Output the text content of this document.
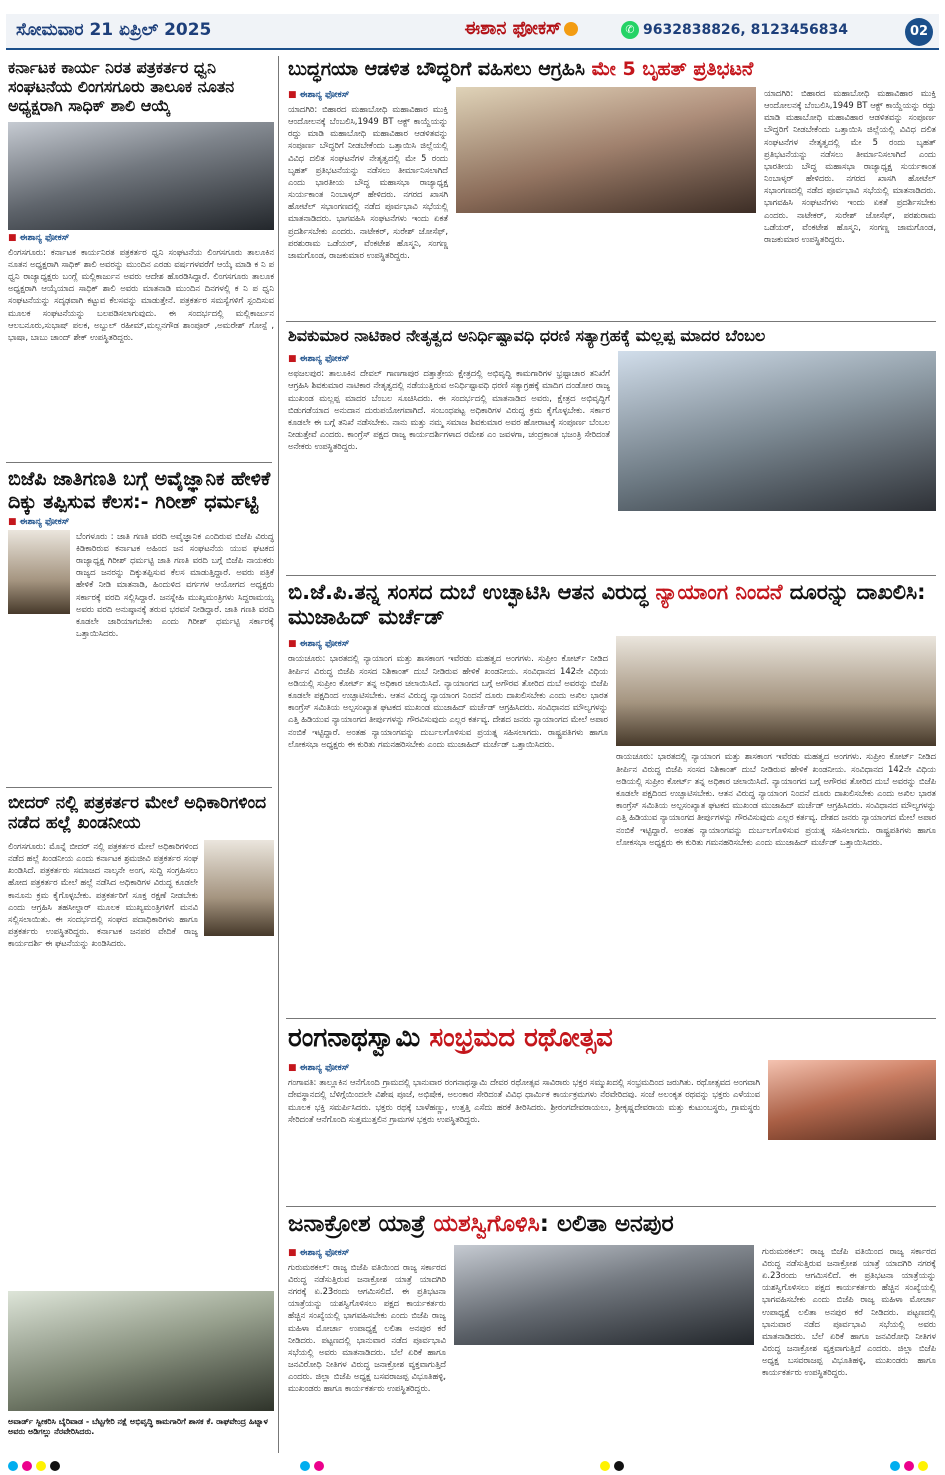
ಸೋಮವಾರ 21 ಏಪ್ರಿಲ್ 2025	ಈಶಾನ ಫೋಕಸ್	✆ 9632838826, 8123456834	02
ಕರ್ನಾಟಕ ಕಾರ್ಯ ನಿರತ ಪತ್ರಕರ್ತರ ಧ್ವನಿ ಸಂಘಟನೆಯ ಲಿಂಗಸಗೂರು ತಾಲೂಕ ನೂತನ ಅಧ್ಯಕ್ಷರಾಗಿ ಸಾಧಿಕ್ ಶಾಲಿ ಆಯ್ಕೆ
■ ಈಶಾನ್ಯ ಫೋಕಸ್
ಲಿಂಗಸಗೂರು: ಕರ್ನಾಟಕ ಕಾರ್ಯನಿರತ ಪತ್ರಕರ್ತರ ಧ್ವನಿ ಸಂಘಟನೆಯ ಲಿಂಗಸಗೂರು ತಾಲೂಕಿನ ನೂತನ ಅಧ್ಯಕ್ಷರಾಗಿ ಸಾಧಿಕ್ ಶಾಲಿ ಅವರನ್ನು ಮುಂದಿನ ಎರಡು ವರ್ಷಗಳವರೆಗೆ ಆಯ್ಕೆ ಮಾಡಿ ಕ ನಿ ಪ ಧ್ವನಿ ರಾಜ್ಯಾಧ್ಯಕ್ಷರು ಬಂಗ್ಲೆ ಮಲ್ಲಿಕಾರ್ಜುನ ಅವರು ಆದೇಶ ಹೊರಡಿಸಿದ್ದಾರೆ. ಲಿಂಗಸಗೂರು ತಾಲೂಕ ಅಧ್ಯಕ್ಷರಾಗಿ ಆಯ್ಕೆಯಾದ ಸಾಧಿಕ್ ಶಾಲಿ ಅವರು ಮಾತನಾಡಿ ಮುಂದಿನ ದಿನಗಳಲ್ಲಿ ಕ ನಿ ಪ ಧ್ವನಿ ಸಂಘಟನೆಯನ್ನು ಸದೃಢವಾಗಿ ಕಟ್ಟುವ ಕೆಲಸವನ್ನು ಮಾಡುತ್ತೇನೆ. ಪತ್ರಕರ್ತರ ಸಮಸ್ಯೆಗಳಿಗೆ ಸ್ಪಂದಿಸುವ ಮೂಲಕ ಸಂಘಟನೆಯನ್ನು ಬಲಪಡಿಸಲಾಗುವುದು. ಈ ಸಂದರ್ಭದಲ್ಲಿ ಮಲ್ಲಿಕಾರ್ಜುನ ಆಲಬನೂರು,ಸುಭಾಷ್ ಪಲಕ, ಅಬ್ದುಲ್ ರಹೀಮ್,ಮಲ್ಲನಗೌಡ ಶಾಂಪೂರ್ ,ಅಮರೇಶ್ ಗೋಸ್ಪೆ , ಭಾಷಾ, ಬಾಬು ಚಾಂದ್ ಶೇಕ್ ಉಪಸ್ಥಿತರಿದ್ದರು.
ಬಿಜೆಪಿ ಜಾತಿಗಣತಿ ಬಗ್ಗೆ ಅವೈಜ್ಞಾನಿಕ ಹೇಳಿಕೆ ದಿಕ್ಕು ತಪ್ಪಿಸುವ ಕೆಲಸ:- ಗಿರೀಶ್ ಧರ್ಮಟ್ಟಿ
■ ಈಶಾನ್ಯ ಫೋಕಸ್
ಬೆಂಗಳೂರು : ಜಾತಿ ಗಣತಿ ವರದಿ ಅವೈಜ್ಞಾನಿಕ ಎಂದಿರುವ ಬಿಜೆಪಿ ವಿರುದ್ಧ ಕಿಡಿಕಾರಿರುವ ಕರ್ನಾಟಕ ಅಹಿಂದ ಜನ ಸಂಘಟನೆಯ ಯುವ ಘಟಕದ ರಾಜ್ಯಾಧ್ಯಕ್ಷ ಗಿರೀಶ್ ಧರ್ಮಟ್ಟಿ ಜಾತಿ ಗಣತಿ ವರದಿ ಬಗ್ಗೆ ಬಿಜೆಪಿ ನಾಯಕರು ರಾಜ್ಯದ ಜನರನ್ನು ದಿಕ್ಕುತಪ್ಪಿಸುವ ಕೆಲಸ ಮಾಡುತ್ತಿದ್ದಾರೆ. ಅವರು ಪತ್ರಿಕೆ ಹೇಳಿಕೆ ನೀಡಿ ಮಾತನಾಡಿ, ಹಿಂದುಳಿದ ವರ್ಗಗಳ ಆಯೋಗದ ಅಧ್ಯಕ್ಷರು ಸರ್ಕಾರಕ್ಕೆ ವರದಿ ಸಲ್ಲಿಸಿದ್ದಾರೆ. ಜನಸ್ನೇಹಿ ಮುಖ್ಯಮಂತ್ರಿಗಳು ಸಿದ್ದರಾಮಯ್ಯ ಅವರು ವರದಿ ಅನುಷ್ಠಾನಕ್ಕೆ ತರುವ ಭರವಸೆ ನೀಡಿದ್ದಾರೆ. ಜಾತಿ ಗಣತಿ ವರದಿ ಕೂಡಲೇ ಜಾರಿಯಾಗಬೇಕು ಎಂದು ಗಿರೀಶ್ ಧರ್ಮಟ್ಟಿ ಸರ್ಕಾರಕ್ಕೆ ಒತ್ತಾಯಿಸಿದರು.
ಬೀದರ್ ನಲ್ಲಿ ಪತ್ರಕರ್ತರ ಮೇಲೆ ಅಧಿಕಾರಿಗಳಿಂದ ನಡೆದ ಹಲ್ಲೆ ಖಂಡನೀಯ
ಲಿಂಗಸಗೂರು: ಮೊನ್ನೆ ಬೀದರ್ ನಲ್ಲಿ ಪತ್ರಕರ್ತರ ಮೇಲೆ ಅಧಿಕಾರಿಗಳಿಂದ ನಡೆದ ಹಲ್ಲೆ ಖಂಡನೀಯ ಎಂದು ಕರ್ನಾಟಕ ಶ್ರಮಜೀವಿ ಪತ್ರಕರ್ತರ ಸಂಘ ಖಂಡಿಸಿದೆ. ಪತ್ರಕರ್ತರು ಸಮಾಜದ ನಾಲ್ಕನೇ ಅಂಗ, ಸುದ್ದಿ ಸಂಗ್ರಹಿಸಲು ಹೋದ ಪತ್ರಕರ್ತರ ಮೇಲೆ ಹಲ್ಲೆ ನಡೆಸಿದ ಅಧಿಕಾರಿಗಳ ವಿರುದ್ಧ ಕೂಡಲೇ ಕಾನೂನು ಕ್ರಮ ಕೈಗೊಳ್ಳಬೇಕು. ಪತ್ರಕರ್ತರಿಗೆ ಸೂಕ್ತ ರಕ್ಷಣೆ ನೀಡಬೇಕು ಎಂದು ಆಗ್ರಹಿಸಿ ತಹಸೀಲ್ದಾರ್ ಮೂಲಕ ಮುಖ್ಯಮಂತ್ರಿಗಳಿಗೆ ಮನವಿ ಸಲ್ಲಿಸಲಾಯಿತು. ಈ ಸಂದರ್ಭದಲ್ಲಿ ಸಂಘದ ಪದಾಧಿಕಾರಿಗಳು ಹಾಗೂ ಪತ್ರಕರ್ತರು ಉಪಸ್ಥಿತರಿದ್ದರು. ಕರ್ನಾಟಕ ಜನಪರ ವೇದಿಕೆ ರಾಜ್ಯ ಕಾರ್ಯದರ್ಶಿ ಈ ಘಟನೆಯನ್ನು ಖಂಡಿಸಿದರು.
ಅವಾರ್ಡ್ ಸ್ವೀಕರಿಸಿ ಬೈರಿವಾಡ - ಬೆಟ್ಟಗೇರಿ ನಕ್ಷೆ ಅಭಿವೃದ್ಧಿ ಕಾಮಗಾರಿಗೆ ಶಾಸಕ ಕೆ. ರಾಘವೇಂದ್ರ ಹಿಟ್ನಾಳ ಅವರು ಅಡಿಗಲ್ಲು ನೆರವೇರಿಸಿದರು.
ಬುದ್ಧಗಯಾ ಆಡಳಿತ ಬೌದ್ಧರಿಗೆ ವಹಿಸಲು ಆಗ್ರಹಿಸಿ ಮೇ 5 ಬೃಹತ್ ಪ್ರತಿಭಟನೆ
■ ಈಶಾನ್ಯ ಫೋಕಸ್
ಯಾದಗಿರಿ: ಬಿಹಾರದ ಮಹಾಬೋಧಿ ಮಹಾವಿಹಾರ ಮುಕ್ತಿ ಆಂದೋಲನಕ್ಕೆ ಬೆಂಬಲಿಸಿ,1949 BT ಆಕ್ಟ್ ಕಾಯ್ದೆಯನ್ನು ರದ್ದು ಮಾಡಿ ಮಹಾಬೋಧಿ ಮಹಾವಿಹಾರ ಆಡಳಿತವನ್ನು ಸಂಪೂರ್ಣ ಬೌದ್ಧರಿಗೆ ನೀಡಬೇಕೆಂದು ಒತ್ತಾಯಿಸಿ ಜಿಲ್ಲೆಯಲ್ಲಿ ವಿವಿಧ ದಲಿತ ಸಂಘಟನೆಗಳ ನೇತೃತ್ವದಲ್ಲಿ ಮೇ 5 ರಂದು ಬೃಹತ್ ಪ್ರತಿಭಟನೆಯನ್ನು ನಡೆಸಲು ತೀರ್ಮಾನಿಸಲಾಗಿದೆ ಎಂದು ಭಾರತೀಯ ಬೌದ್ಧ ಮಹಾಸಭಾ ರಾಜ್ಯಾಧ್ಯಕ್ಷ ಸುರ್ಯಕಾಂತ ನಿಂಬಾಳ್ಕರ್ ಹೇಳಿದರು. ನಗರದ ಖಾಸಗಿ ಹೋಟೆಲ್ ಸಭಾಂಗಣದಲ್ಲಿ ನಡೆದ ಪೂರ್ವಭಾವಿ ಸಭೆಯಲ್ಲಿ ಮಾತನಾಡಿದರು. ಭಾಗವಹಿಸಿ ಸಂಘಟನೆಗಳು ಇಂದು ಏಕತೆ ಪ್ರದರ್ಶಿಸಬೇಕು ಎಂದರು. ನಾಟೇಕರ್, ಸುರೇಶ್ ಜೋಸೆಫ್, ಪರಶುರಾಮ ಒಡೆಯರ್, ವೆಂಕಟೇಶ ಹೊಸ್ಮನಿ, ಸಂಗಣ್ಣ ಜಾಮಗೊಂಡ, ರಾಜಕುಮಾರ ಉಪಸ್ಥಿತರಿದ್ದರು.
ಯಾದಗಿರಿ: ಬಿಹಾರದ ಮಹಾಬೋಧಿ ಮಹಾವಿಹಾರ ಮುಕ್ತಿ ಆಂದೋಲನಕ್ಕೆ ಬೆಂಬಲಿಸಿ,1949 BT ಆಕ್ಟ್ ಕಾಯ್ದೆಯನ್ನು ರದ್ದು ಮಾಡಿ ಮಹಾಬೋಧಿ ಮಹಾವಿಹಾರ ಆಡಳಿತವನ್ನು ಸಂಪೂರ್ಣ ಬೌದ್ಧರಿಗೆ ನೀಡಬೇಕೆಂದು ಒತ್ತಾಯಿಸಿ ಜಿಲ್ಲೆಯಲ್ಲಿ ವಿವಿಧ ದಲಿತ ಸಂಘಟನೆಗಳ ನೇತೃತ್ವದಲ್ಲಿ ಮೇ 5 ರಂದು ಬೃಹತ್ ಪ್ರತಿಭಟನೆಯನ್ನು ನಡೆಸಲು ತೀರ್ಮಾನಿಸಲಾಗಿದೆ ಎಂದು ಭಾರತೀಯ ಬೌದ್ಧ ಮಹಾಸಭಾ ರಾಜ್ಯಾಧ್ಯಕ್ಷ ಸುರ್ಯಕಾಂತ ನಿಂಬಾಳ್ಕರ್ ಹೇಳಿದರು. ನಗರದ ಖಾಸಗಿ ಹೋಟೆಲ್ ಸಭಾಂಗಣದಲ್ಲಿ ನಡೆದ ಪೂರ್ವಭಾವಿ ಸಭೆಯಲ್ಲಿ ಮಾತನಾಡಿದರು. ಭಾಗವಹಿಸಿ ಸಂಘಟನೆಗಳು ಇಂದು ಏಕತೆ ಪ್ರದರ್ಶಿಸಬೇಕು ಎಂದರು. ನಾಟೇಕರ್, ಸುರೇಶ್ ಜೋಸೆಫ್, ಪರಶುರಾಮ ಒಡೆಯರ್, ವೆಂಕಟೇಶ ಹೊಸ್ಮನಿ, ಸಂಗಣ್ಣ ಜಾಮಗೊಂಡ, ರಾಜಕುಮಾರ ಉಪಸ್ಥಿತರಿದ್ದರು.
ಶಿವಕುಮಾರ ನಾಟಿಕಾರ ನೇತೃತ್ವದ ಅನಿರ್ಧಿಷ್ಟಾವಧಿ ಧರಣಿ ಸತ್ಯಾಗ್ರಹಕ್ಕೆ ಮಲ್ಲಪ್ಪ ಮಾದರ ಬೆಂಬಲ
■ ಈಶಾನ್ಯ ಫೋಕಸ್
ಅಫಜಲಪುರ: ತಾಲೂಕಿನ ದೇವಲ್ ಗಾಣಗಾಪುರ ದತ್ತಾತ್ರೇಯ ಕ್ಷೇತ್ರದಲ್ಲಿ ಅಭಿವೃದ್ಧಿ ಕಾಮಗಾರಿಗಳ ಭ್ರಷ್ಟಾಚಾರ ತನಿಖೆಗೆ ಆಗ್ರಹಿಸಿ ಶಿವಕುಮಾರ ನಾಟಿಕಾರ ನೇತೃತ್ವದಲ್ಲಿ ನಡೆಯುತ್ತಿರುವ ಅನಿರ್ಧಿಷ್ಟಾವಧಿ ಧರಣಿ ಸತ್ಯಾಗ್ರಹಕ್ಕೆ ಮಾದಿಗ ದಂಡೋರ ರಾಜ್ಯ ಮುಖಂಡ ಮಲ್ಲಪ್ಪ ಮಾದರ ಬೆಂಬಲ ಸೂಚಿಸಿದರು. ಈ ಸಂದರ್ಭದಲ್ಲಿ ಮಾತನಾಡಿದ ಅವರು, ಕ್ಷೇತ್ರದ ಅಭಿವೃದ್ಧಿಗೆ ಬಿಡುಗಡೆಯಾದ ಅನುದಾನ ದುರುಪಯೋಗವಾಗಿದೆ. ಸಂಬಂಧಪಟ್ಟ ಅಧಿಕಾರಿಗಳ ವಿರುದ್ಧ ಕ್ರಮ ಕೈಗೊಳ್ಳಬೇಕು. ಸರ್ಕಾರ ಕೂಡಲೇ ಈ ಬಗ್ಗೆ ತನಿಖೆ ನಡೆಸಬೇಕು. ನಾನು ಮತ್ತು ನಮ್ಮ ಸಮಾಜ ಶಿವಕುಮಾರ ಅವರ ಹೋರಾಟಕ್ಕೆ ಸಂಪೂರ್ಣ ಬೆಂಬಲ ನೀಡುತ್ತೇವೆ ಎಂದರು. ಕಾಂಗ್ರೆಸ್ ಪಕ್ಷದ ರಾಜ್ಯ ಕಾರ್ಯದರ್ಶಿಗಳಾದ ರಮೇಶ ಎಂ ಜವಳಗಾ, ಚಂದ್ರಕಾಂತ ಭಜಂತ್ರಿ ಸೇರಿದಂತೆ ಅನೇಕರು ಉಪಸ್ಥಿತರಿದ್ದರು.
ಬಿ.ಜೆ.ಪಿ.ತನ್ನ ಸಂಸದ ದುಬೆ ಉಚ್ಛಾಟಿಸಿ ಆತನ ವಿರುದ್ಧ ನ್ಯಾಯಾಂಗ ನಿಂದನೆ ದೂರನ್ನು ದಾಖಲಿಸಿ: ಮುಜಾಹಿದ್ ಮರ್ಚೆಡ್
■ ಈಶಾನ್ಯ ಫೋಕಸ್
ರಾಯಚೂರು: ಭಾರತದಲ್ಲಿ ನ್ಯಾಯಾಂಗ ಮತ್ತು ಶಾಸಕಾಂಗ ಇವೆರಡು ಮಹತ್ವದ ಅಂಗಗಳು. ಸುಪ್ರೀಂ ಕೋರ್ಟ್ ನೀಡಿದ ತೀರ್ಪಿನ ವಿರುದ್ಧ ಬಿಜೆಪಿ ಸಂಸದ ನಿಶಿಕಾಂತ್ ದುಬೆ ನೀಡಿರುವ ಹೇಳಿಕೆ ಖಂಡನೀಯ. ಸಂವಿಧಾನದ 142ನೇ ವಿಧಿಯ ಅಡಿಯಲ್ಲಿ ಸುಪ್ರೀಂ ಕೋರ್ಟ್ ತನ್ನ ಅಧಿಕಾರ ಚಲಾಯಿಸಿದೆ. ನ್ಯಾಯಾಂಗದ ಬಗ್ಗೆ ಅಗೌರವ ತೋರಿದ ದುಬೆ ಅವರನ್ನು ಬಿಜೆಪಿ ಕೂಡಲೇ ಪಕ್ಷದಿಂದ ಉಚ್ಛಾಟಿಸಬೇಕು. ಆತನ ವಿರುದ್ಧ ನ್ಯಾಯಾಂಗ ನಿಂದನೆ ದೂರು ದಾಖಲಿಸಬೇಕು ಎಂದು ಅಖಿಲ ಭಾರತ ಕಾಂಗ್ರೆಸ್ ಸಮಿತಿಯ ಅಲ್ಪಸಂಖ್ಯಾತ ಘಟಕದ ಮುಖಂಡ ಮುಜಾಹಿದ್ ಮರ್ಚೆಡ್ ಆಗ್ರಹಿಸಿದರು. ಸಂವಿಧಾನದ ಮೌಲ್ಯಗಳನ್ನು ಎತ್ತಿ ಹಿಡಿಯುವ ನ್ಯಾಯಾಂಗದ ತೀರ್ಪುಗಳನ್ನು ಗೌರವಿಸುವುದು ಎಲ್ಲರ ಕರ್ತವ್ಯ. ದೇಶದ ಜನರು ನ್ಯಾಯಾಂಗದ ಮೇಲೆ ಅಪಾರ ನಂಬಿಕೆ ಇಟ್ಟಿದ್ದಾರೆ. ಅಂತಹ ನ್ಯಾಯಾಂಗವನ್ನು ದುರ್ಬಲಗೊಳಿಸುವ ಪ್ರಯತ್ನ ಸಹಿಸಲಾಗದು. ರಾಷ್ಟ್ರಪತಿಗಳು ಹಾಗೂ ಲೋಕಸಭಾ ಅಧ್ಯಕ್ಷರು ಈ ಕುರಿತು ಗಮನಹರಿಸಬೇಕು ಎಂದು ಮುಜಾಹಿದ್ ಮರ್ಚೆಡ್ ಒತ್ತಾಯಿಸಿದರು.
ರಾಯಚೂರು: ಭಾರತದಲ್ಲಿ ನ್ಯಾಯಾಂಗ ಮತ್ತು ಶಾಸಕಾಂಗ ಇವೆರಡು ಮಹತ್ವದ ಅಂಗಗಳು. ಸುಪ್ರೀಂ ಕೋರ್ಟ್ ನೀಡಿದ ತೀರ್ಪಿನ ವಿರುದ್ಧ ಬಿಜೆಪಿ ಸಂಸದ ನಿಶಿಕಾಂತ್ ದುಬೆ ನೀಡಿರುವ ಹೇಳಿಕೆ ಖಂಡನೀಯ. ಸಂವಿಧಾನದ 142ನೇ ವಿಧಿಯ ಅಡಿಯಲ್ಲಿ ಸುಪ್ರೀಂ ಕೋರ್ಟ್ ತನ್ನ ಅಧಿಕಾರ ಚಲಾಯಿಸಿದೆ. ನ್ಯಾಯಾಂಗದ ಬಗ್ಗೆ ಅಗೌರವ ತೋರಿದ ದುಬೆ ಅವರನ್ನು ಬಿಜೆಪಿ ಕೂಡಲೇ ಪಕ್ಷದಿಂದ ಉಚ್ಛಾಟಿಸಬೇಕು. ಆತನ ವಿರುದ್ಧ ನ್ಯಾಯಾಂಗ ನಿಂದನೆ ದೂರು ದಾಖಲಿಸಬೇಕು ಎಂದು ಅಖಿಲ ಭಾರತ ಕಾಂಗ್ರೆಸ್ ಸಮಿತಿಯ ಅಲ್ಪಸಂಖ್ಯಾತ ಘಟಕದ ಮುಖಂಡ ಮುಜಾಹಿದ್ ಮರ್ಚೆಡ್ ಆಗ್ರಹಿಸಿದರು. ಸಂವಿಧಾನದ ಮೌಲ್ಯಗಳನ್ನು ಎತ್ತಿ ಹಿಡಿಯುವ ನ್ಯಾಯಾಂಗದ ತೀರ್ಪುಗಳನ್ನು ಗೌರವಿಸುವುದು ಎಲ್ಲರ ಕರ್ತವ್ಯ. ದೇಶದ ಜನರು ನ್ಯಾಯಾಂಗದ ಮೇಲೆ ಅಪಾರ ನಂಬಿಕೆ ಇಟ್ಟಿದ್ದಾರೆ. ಅಂತಹ ನ್ಯಾಯಾಂಗವನ್ನು ದುರ್ಬಲಗೊಳಿಸುವ ಪ್ರಯತ್ನ ಸಹಿಸಲಾಗದು. ರಾಷ್ಟ್ರಪತಿಗಳು ಹಾಗೂ ಲೋಕಸಭಾ ಅಧ್ಯಕ್ಷರು ಈ ಕುರಿತು ಗಮನಹರಿಸಬೇಕು ಎಂದು ಮುಜಾಹಿದ್ ಮರ್ಚೆಡ್ ಒತ್ತಾಯಿಸಿದರು.
ರಂಗನಾಥಸ್ವಾಮಿ ಸಂಭ್ರಮದ ರಥೋತ್ಸವ
■ ಈಶಾನ್ಯ ಫೋಕಸ್
ಗಂಗಾವತಿ: ತಾಲ್ಲೂಕಿನ ಆನೆಗೊಂದಿ ಗ್ರಾಮದಲ್ಲಿ ಭಾನುವಾರ ರಂಗನಾಥಸ್ವಾಮಿ ದೇವರ ರಥೋತ್ಸವ ಸಾವಿರಾರು ಭಕ್ತರ ಸಮ್ಮುಖದಲ್ಲಿ ಸಂಭ್ರಮದಿಂದ ಜರುಗಿತು. ರಥೋತ್ಸವದ ಅಂಗವಾಗಿ ದೇವಸ್ಥಾನದಲ್ಲಿ ಬೆಳಿಗ್ಗೆಯಿಂದಲೇ ವಿಶೇಷ ಪೂಜೆ, ಅಭಿಷೇಕ, ಅಲಂಕಾರ ಸೇರಿದಂತೆ ವಿವಿಧ ಧಾರ್ಮಿಕ ಕಾರ್ಯಕ್ರಮಗಳು ನೆರವೇರಿದವು. ಸಂಜೆ ಅಲಂಕೃತ ರಥವನ್ನು ಭಕ್ತರು ಎಳೆಯುವ ಮೂಲಕ ಭಕ್ತಿ ಸಮರ್ಪಿಸಿದರು. ಭಕ್ತರು ರಥಕ್ಕೆ ಬಾಳೆಹಣ್ಣು, ಉತ್ತತ್ತಿ ಎಸೆದು ಹರಕೆ ತೀರಿಸಿದರು. ಶ್ರೀರಂಗದೇವರಾಯಲು, ಶ್ರೀಕೃಷ್ಣದೇವರಾಯ ಮತ್ತು ಕುಟುಂಬಸ್ಥರು, ಗ್ರಾಮಸ್ಥರು ಸೇರಿದಂತೆ ಆನೆಗೊಂದಿ ಸುತ್ತಮುತ್ತಲಿನ ಗ್ರಾಮಗಳ ಭಕ್ತರು ಉಪಸ್ಥಿತರಿದ್ದರು.
ಜನಾಕ್ರೋಶ ಯಾತ್ರೆ ಯಶಸ್ವಿಗೊಳಿಸಿ: ಲಲಿತಾ ಅನಪುರ
■ ಈಶಾನ್ಯ ಫೋಕಸ್
ಗುರುಮಠಕಲ್: ರಾಜ್ಯ ಬಿಜೆಪಿ ವತಿಯಿಂದ ರಾಜ್ಯ ಸರ್ಕಾರದ ವಿರುದ್ಧ ನಡೆಸುತ್ತಿರುವ ಜನಾಕ್ರೋಶ ಯಾತ್ರೆ ಯಾದಗಿರಿ ನಗರಕ್ಕೆ ಏ.23ರಂದು ಆಗಮಿಸಲಿದೆ. ಈ ಪ್ರತಿಭಟನಾ ಯಾತ್ರೆಯನ್ನು ಯಶಸ್ವಿಗೊಳಿಸಲು ಪಕ್ಷದ ಕಾರ್ಯಕರ್ತರು ಹೆಚ್ಚಿನ ಸಂಖ್ಯೆಯಲ್ಲಿ ಭಾಗವಹಿಸಬೇಕು ಎಂದು ಬಿಜೆಪಿ ರಾಜ್ಯ ಮಹಿಳಾ ಮೋರ್ಚಾ ಉಪಾಧ್ಯಕ್ಷೆ ಲಲಿತಾ ಅನಪುರ ಕರೆ ನೀಡಿದರು. ಪಟ್ಟಣದಲ್ಲಿ ಭಾನುವಾರ ನಡೆದ ಪೂರ್ವಭಾವಿ ಸಭೆಯಲ್ಲಿ ಅವರು ಮಾತನಾಡಿದರು. ಬೆಲೆ ಏರಿಕೆ ಹಾಗೂ ಜನವಿರೋಧಿ ನೀತಿಗಳ ವಿರುದ್ಧ ಜನಾಕ್ರೋಶ ವ್ಯಕ್ತವಾಗುತ್ತಿದೆ ಎಂದರು. ಜಿಲ್ಲಾ ಬಿಜೆಪಿ ಅಧ್ಯಕ್ಷ ಬಸವರಾಜಪ್ಪ ವಿಭೂತಿಹಳ್ಳಿ, ಮುಖಂಡರು ಹಾಗೂ ಕಾರ್ಯಕರ್ತರು ಉಪಸ್ಥಿತರಿದ್ದರು.
ಗುರುಮಠಕಲ್: ರಾಜ್ಯ ಬಿಜೆಪಿ ವತಿಯಿಂದ ರಾಜ್ಯ ಸರ್ಕಾರದ ವಿರುದ್ಧ ನಡೆಸುತ್ತಿರುವ ಜನಾಕ್ರೋಶ ಯಾತ್ರೆ ಯಾದಗಿರಿ ನಗರಕ್ಕೆ ಏ.23ರಂದು ಆಗಮಿಸಲಿದೆ. ಈ ಪ್ರತಿಭಟನಾ ಯಾತ್ರೆಯನ್ನು ಯಶಸ್ವಿಗೊಳಿಸಲು ಪಕ್ಷದ ಕಾರ್ಯಕರ್ತರು ಹೆಚ್ಚಿನ ಸಂಖ್ಯೆಯಲ್ಲಿ ಭಾಗವಹಿಸಬೇಕು ಎಂದು ಬಿಜೆಪಿ ರಾಜ್ಯ ಮಹಿಳಾ ಮೋರ್ಚಾ ಉಪಾಧ್ಯಕ್ಷೆ ಲಲಿತಾ ಅನಪುರ ಕರೆ ನೀಡಿದರು. ಪಟ್ಟಣದಲ್ಲಿ ಭಾನುವಾರ ನಡೆದ ಪೂರ್ವಭಾವಿ ಸಭೆಯಲ್ಲಿ ಅವರು ಮಾತನಾಡಿದರು. ಬೆಲೆ ಏರಿಕೆ ಹಾಗೂ ಜನವಿರೋಧಿ ನೀತಿಗಳ ವಿರುದ್ಧ ಜನಾಕ್ರೋಶ ವ್ಯಕ್ತವಾಗುತ್ತಿದೆ ಎಂದರು. ಜಿಲ್ಲಾ ಬಿಜೆಪಿ ಅಧ್ಯಕ್ಷ ಬಸವರಾಜಪ್ಪ ವಿಭೂತಿಹಳ್ಳಿ, ಮುಖಂಡರು ಹಾಗೂ ಕಾರ್ಯಕರ್ತರು ಉಪಸ್ಥಿತರಿದ್ದರು.
